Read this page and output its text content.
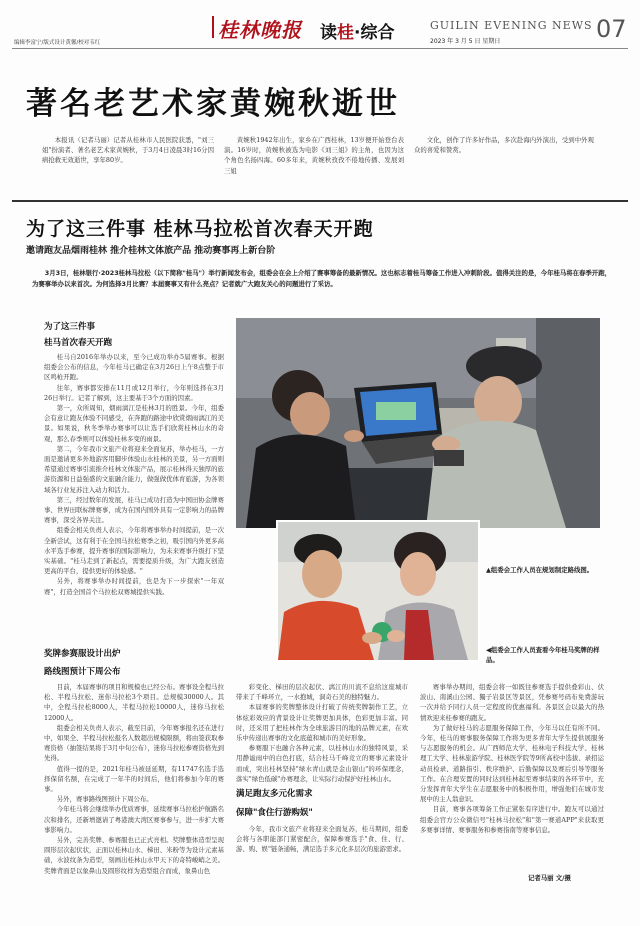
编辑李富宁/版式设计黄馨/校对韦红
桂林晚报 读桂·综合	GUILIN EVENING NEWS
2023 年 3 月 5 日 星期日	07
著名老艺术家黄婉秋逝世
本报讯（记者马丽）记者从桂林市人民医院获悉，"刘三姐"扮演者、著名老艺术家黄婉秋，于3月4日凌晨3时16分因病抢救无效逝世，享年80岁。
黄婉秋1942年出生，家乡在广西桂林，13岁便开始登台表演。16岁时，黄婉秋被选为电影《刘三姐》的主角，也因为这个角色名扬四海。60多年来，黄婉秋孜孜不倦地传播、发展刘三姐
文化，创作了许多好作品，多次赴海内外演出，受到中外观众的喜爱和赞赏。
为了这三件事 桂林马拉松首次春天开跑
邀请跑友品烟雨桂林 推介桂林文体旅产品 推动赛事再上新台阶
3月3日，桂林银行·2023桂林马拉松（以下简称"桂马"）举行新闻发布会，组委会在会上介绍了赛事筹备的最新情况。这也标志着桂马筹备工作进入冲刺阶段。值得关注的是，今年桂马将在春季开跑，为赛事举办以来首次。为何选择3月比赛？本届赛事又有什么亮点？记者就广大跑友关心的问题进行了采访。
为了这三件事
桂马首次春天开跑

桂马自2016年举办以来，至今已成功举办5届赛事。根据组委会公布的信息，今年桂马已确定在3月26日上午8点整于市区鸣枪开跑。

往年，赛事都安排在11月或12月举行，今年则选择在3月26日举行。记者了解到，这主要基于3个方面的因素。

第一，众所周知，烟雨漓江是桂林3月的胜景。今年，组委会有意让跑友体验不同感受，在奔跑的路途中欣赏烟雨漓江的美景。如果说，秋冬季举办赛事可以让选手们欣赏桂林山水的奇观，那么春季则可以体验桂林多变的雨景。

第二，今年我市文旅产业将迎来全面复苏，举办桂马，一方面是邀请更多外地游客用脚步体验山水桂林的美景，另一方面则希望通过赛事引流推介桂林文体旅产品，展示桂林得天独厚的旅游资源和日益强盛的文旅融合能力，做强做优体育旅游，为各领域各行业复苏注入动力和活力。

第三，经过数年的发展，桂马已成功打造为中国田协金牌赛事、世界田联标牌赛事，成为在国内国外具有一定影响力的品牌赛事，深受各界关注。

组委会相关负责人表示，今年将赛事举办时间提前，是一次全新尝试，这有利于在全国马拉松赛季之初，吸引国内外更多高水平选手参赛，提升赛事的国际影响力，为未来赛事升级打下坚实基础。"桂马走到了新起点，需要提质升级，为广大跑友创造更高的平台，提供更好的体验感。"

另外，将赛事举办时间提前，也是为下一步探索"一年双赛"，打造全国首个马拉松双赛城提供实践。

▲组委会工作人员在规划制定路线图。
◀组委会工作人员查看今年桂马奖牌的样品。
奖牌参赛服设计出炉
路线图预计下周公布

目前，本届赛事的项目和规模也已经公布。赛事设全程马拉松、半程马拉松、迷你马拉松3个项目。总规模30000人。其中，全程马拉松8000人，半程马拉松10000人，迷你马拉松12000人。

组委会相关负责人表示，截至目前，今年赛事报名还在进行中，如果全、半程马拉松报名人数超出规模限额，将由签获取参赛资格（抽签结果将于3月中旬公布），迷你马拉松参赛资格先到先得。

值得一提的是，2021年桂马被延延期，有11747名选手选择保留名额，在完成了一年半的时间后，他们将参加今年的赛事。

另外，赛事路线图预计下周公布。

今年桂马将会继续举办优质赛事，延续赛事马拉松护航路名次和排名，还新增邀请了粤港澳大湾区赛事参与，进一步扩大赛事影响力。

另外，完善奖牌、参赛服也已正式亮相。奖牌整体造型呈现圆形层次起伏状，正面以桂林山水、梯田、米粉等为设计元素基础，水波纹条为造型，刻画出桂林山水甲天下的奇特峻峭之美。奖牌背面是以象鼻山及圆形纹样为造型组合而成，象鼻山色

彩变化、梯田的层次起伏、漓江的川流不息给这座城市带来了千峰环立，一水抱城，洞奇石美的独特魅力。

本届赛事的奖牌整体设计打破了传统奖牌制作工艺，立体炫彩效应的背景设计让奖牌更加具体，色彩更加丰富。同时，还采用了把桂林作为全球旅游目的地的品牌元素，在欢乐中传递出赛事的文化底蕴和城市的美好形象。

参赛服下也融合各种元素，以桂林山水的独特风景，采用静谧雨中的白色打底，结合桂马千峰竞立的赛事元素设计而成，突出桂林坚持"绿水青山就是金山银山"的环保理念，落实"绿色低碳"办赛理念，让实际行动保护好桂林山水。

满足跑友多元化需求
保障"食住行游购娱"

今年，我市文旅产业将迎来全面复苏，桂马期间，组委会将与各职能部门紧密配合，保障参赛选手"食、住、行、游、购、娱"链条通畅，满足选手多元化多层次的旅游需求。

赛事举办期间，组委会将一如既往参赛选手提供叠彩山、伏波山、南溪山公园、獨子岩景区等景区，凭参赛号码布免费游玩一次并给予同行人员一定程度的优惠福利。各景区会以最大的热情欢迎来桂参赛的跑友。

为了做好桂马的志愿服务保障工作，今年马以任有所不同。今年，桂马的赛事服务保障工作将为更多青年大学生提供展服务与志愿服务的机会。从广西师范大学、桂林电子科技大学、桂林理工大学、桂林旅游学院、桂林医学院等9所高校中选拔、录招运动员检录、道路指引、秩序维护、后勤保障以及赛后引导等服务工作。在合理安置的同时达到桂林起至赛事结束的各环节中，充分发挥青年大学生在志愿服务中的积极作用，增强他们在城市发展中的主人翁意识。

目前，赛事各项筹备工作正紧张有序进行中。跑友可以通过组委会官方公众微信号"桂林马拉松"和"第一赛道APP"来获取更多赛事详情、赛事服务和参赛指南等赛事信息。

记者马丽 文/摄
